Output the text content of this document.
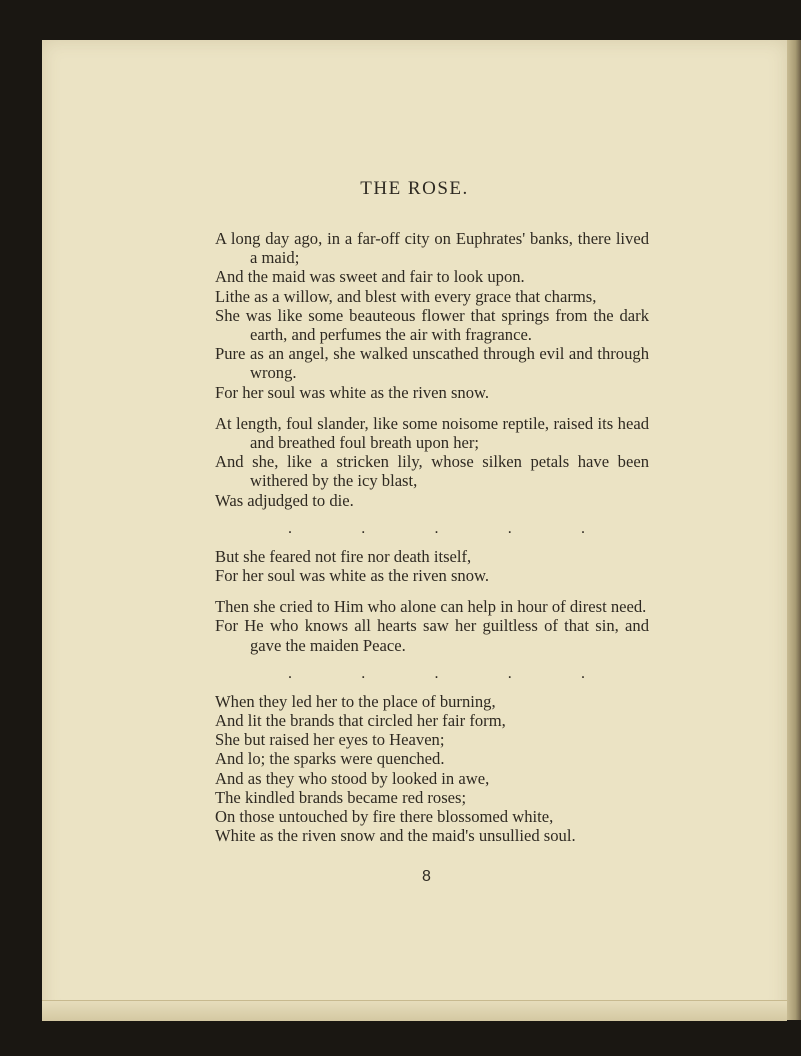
THE ROSE.
A long day ago, in a far-off city on Euphrates' banks, there lived a maid;
And the maid was sweet and fair to look upon.
Lithe as a willow, and blest with every grace that charms,
She was like some beauteous flower that springs from the dark earth, and perfumes the air with fragrance.
Pure as an angel, she walked unscathed through evil and through wrong.
For her soul was white as the riven snow.
At length, foul slander, like some noisome reptile, raised its head and breathed foul breath upon her;
And she, like a stricken lily, whose silken petals have been withered by the icy blast,
Was adjudged to die.
.	.	.	.	.
But she feared not fire nor death itself,
For her soul was white as the riven snow.
Then she cried to Him who alone can help in hour of direst need.
For He who knows all hearts saw her guiltless of that sin, and gave the maiden Peace.
.	.	.	.	.
When they led her to the place of burning,
And lit the brands that circled her fair form,
She but raised her eyes to Heaven;
And lo; the sparks were quenched.
And as they who stood by looked in awe,
The kindled brands became red roses;
On those untouched by fire there blossomed white,
White as the riven snow and the maid's unsullied soul.
8
